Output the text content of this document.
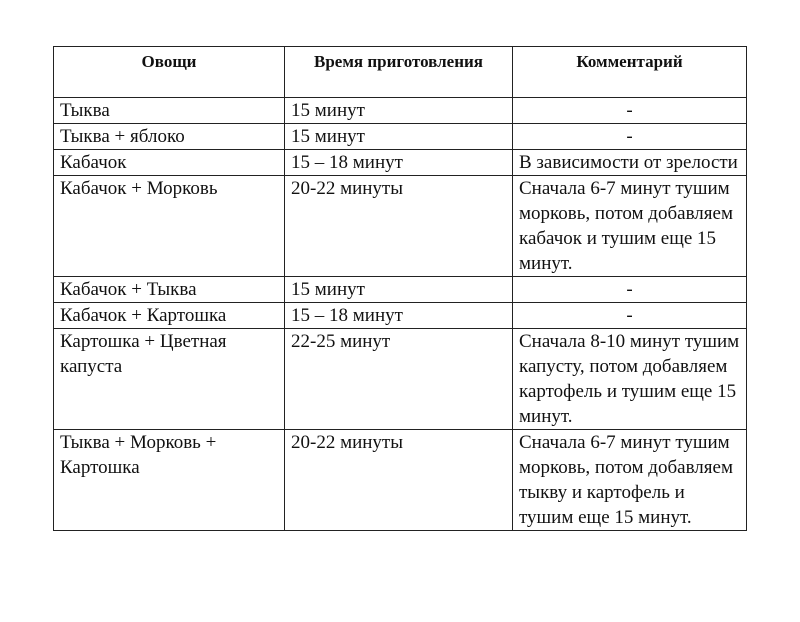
Овощи	Время приготовления	Комментарий
Тыква	15 минут	-
Тыква + яблоко	15 минут	-
Кабачок	15 – 18 минут	В зависимости от зрелости
Кабачок + Морковь	20-22 минуты	Сначала 6-7 минут тушим морковь, потом добавляем кабачок и тушим еще 15 минут.
Кабачок + Тыква	15 минут	-
Кабачок + Картошка	15 – 18 минут	-
Картошка + Цветная капуста	22-25 минут	Сначала 8-10 минут тушим капусту, потом добавляем картофель и тушим еще 15 минут.
Тыква + Морковь + Картошка	20-22 минуты	Сначала 6-7 минут тушим морковь, потом добавляем тыкву и картофель и тушим еще 15 минут.
